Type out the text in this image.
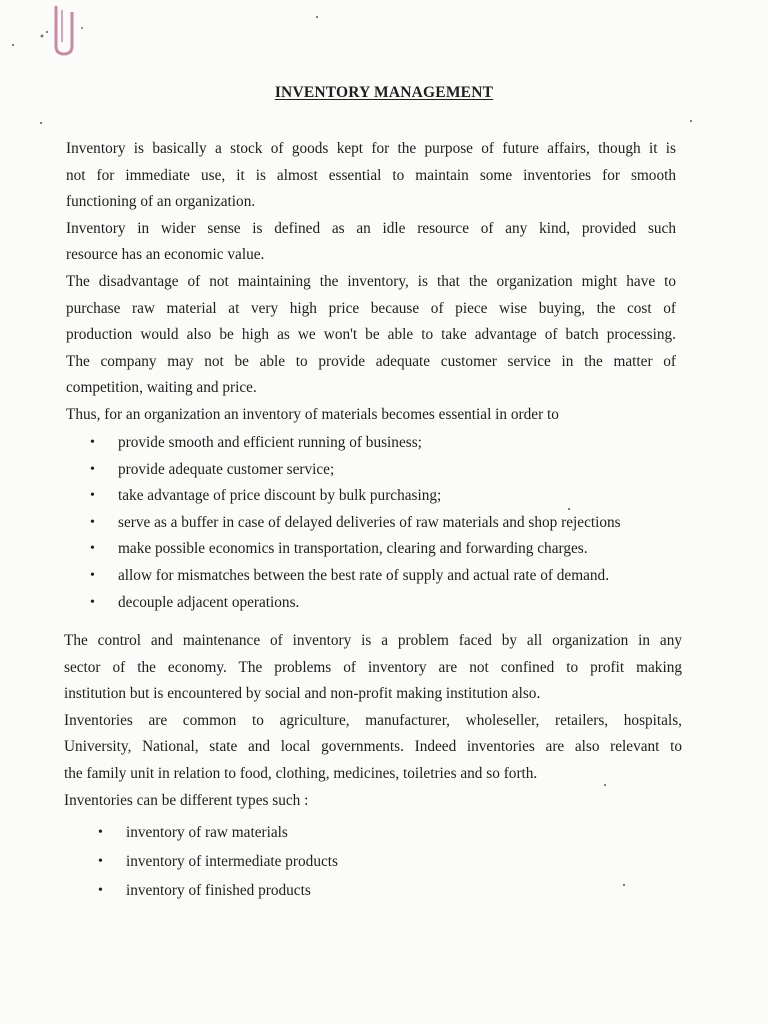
INVENTORY MANAGEMENT
Inventory is basically a stock of goods kept for the purpose of future affairs, though it is
not for immediate use, it is almost essential to maintain some inventories for smooth
functioning of an organization.
Inventory in wider sense is defined as an idle resource of any kind, provided such
resource has an economic value.
The disadvantage of not maintaining the inventory, is that the organization might have to
purchase raw material at very high price because of piece wise buying, the cost of
production would also be high as we won't be able to take advantage of batch processing.
The company may not be able to provide adequate customer service in the matter of
competition, waiting and price.
Thus, for an organization an inventory of materials becomes essential in order to
• provide smooth and efficient running of business;
• provide adequate customer service;
• take advantage of price discount by bulk purchasing;
• serve as a buffer in case of delayed deliveries of raw materials and shop rejections
• make possible economics in transportation, clearing and forwarding charges.
• allow for mismatches between the best rate of supply and actual rate of demand.
• decouple adjacent operations.
The control and maintenance of inventory is a problem faced by all organization in any
sector of the economy. The problems of inventory are not confined to profit making
institution but is encountered by social and non-profit making institution also.
Inventories are common to agriculture, manufacturer, wholeseller, retailers, hospitals,
University, National, state and local governments. Indeed inventories are also relevant to
the family unit in relation to food, clothing, medicines, toiletries and so forth.
Inventories can be different types such :
• inventory of raw materials
• inventory of intermediate products
• inventory of finished products
